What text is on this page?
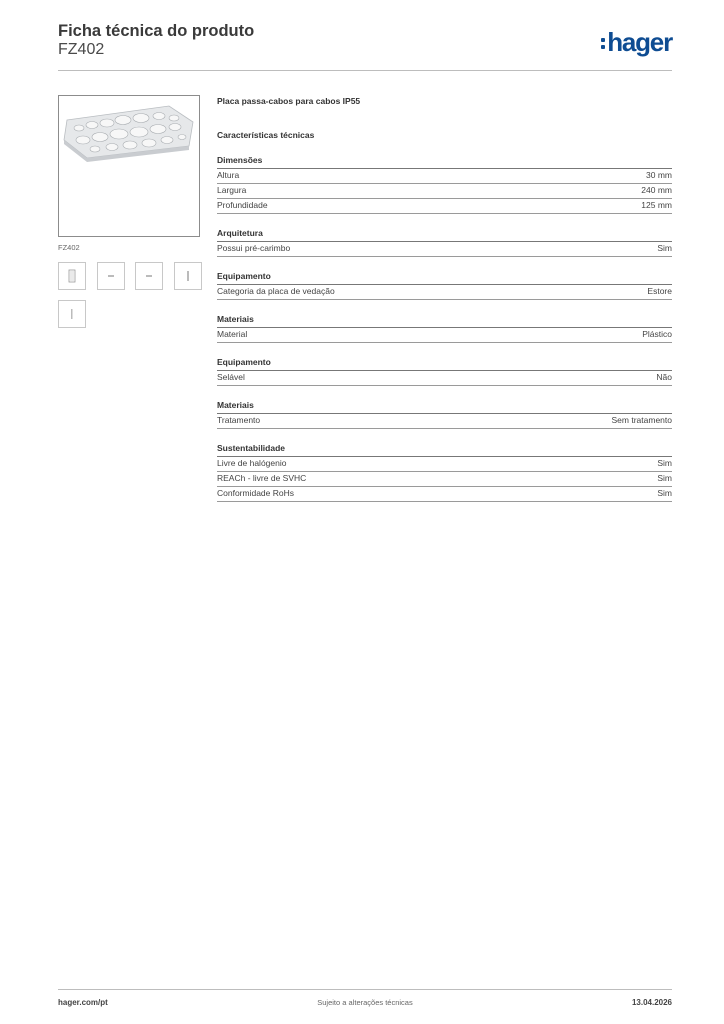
Ficha técnica do produto
FZ402	hager
FZ402
Placa passa-cabos para cabos IP55
Características técnicas
Dimensões
Altura	30 mm
Largura	240 mm
Profundidade	125 mm
Arquitetura
Possui pré-carimbo	Sim
Equipamento
Categoria da placa de vedação	Estore
Materiais
Material	Plástico
Equipamento
Selável	Não
Materiais
Tratamento	Sem tratamento
Sustentabilidade
Livre de halógenio	Sim
REACh - livre de SVHC	Sim
Conformidade RoHs	Sim
hager.com/pt	Sujeito a alterações técnicas	13.04.2026
